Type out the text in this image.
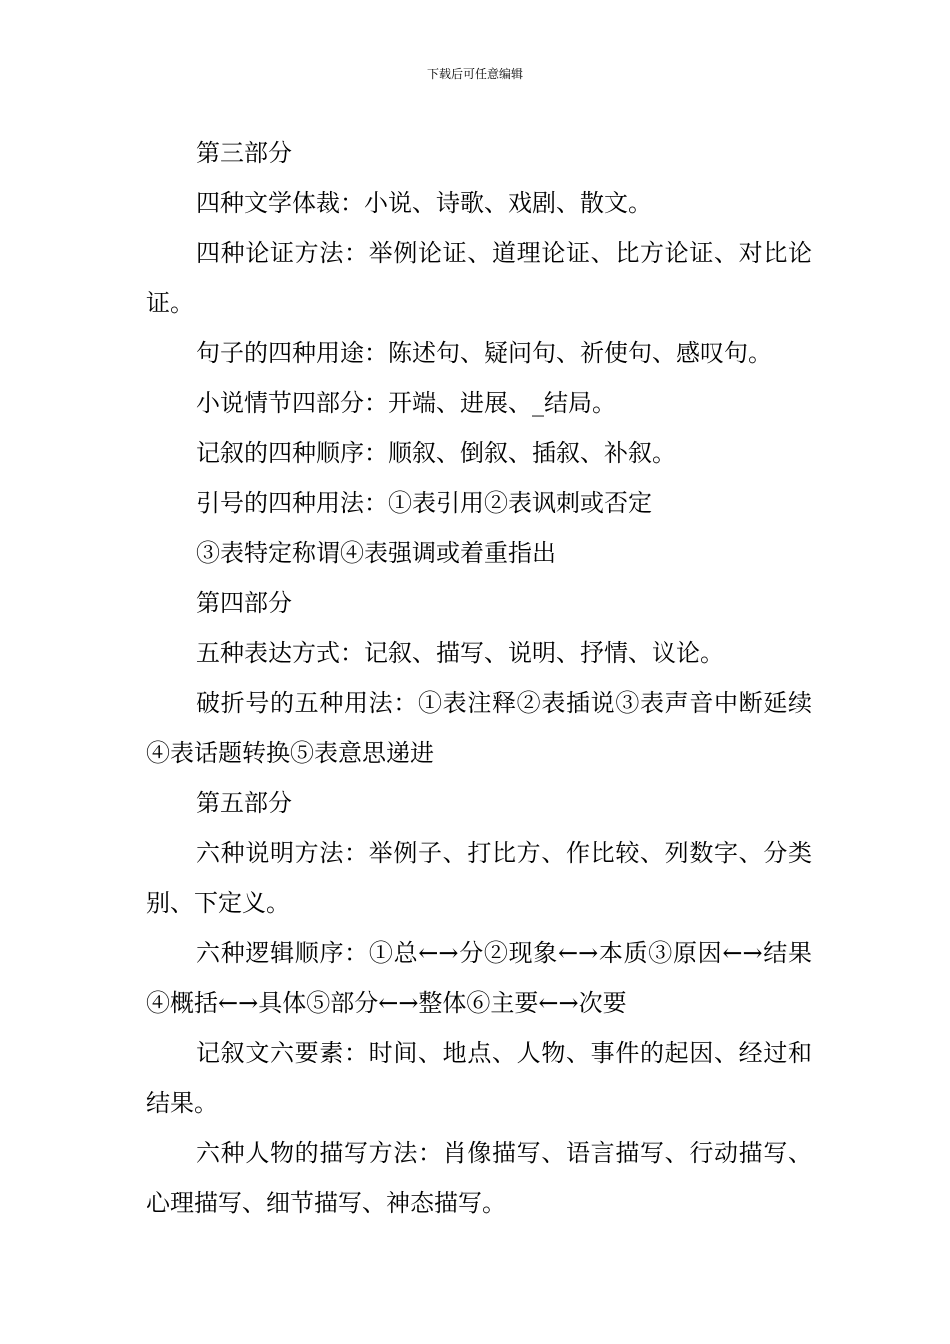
下载后可任意编辑

第三部分

四种文学体裁：小说、诗歌、戏剧、散文。

四种论证方法：举例论证、道理论证、比方论证、对比论证。

句子的四种用途：陈述句、疑问句、祈使句、感叹句。

小说情节四部分：开端、进展、_结局。

记叙的四种顺序：顺叙、倒叙、插叙、补叙。

引号的四种用法：①表引用②表讽刺或否定

③表特定称谓④表强调或着重指出

第四部分

五种表达方式：记叙、描写、说明、抒情、议论。

破折号的五种用法：①表注释②表插说③表声音中断延续④表话题转换⑤表意思递进

第五部分

六种说明方法：举例子、打比方、作比较、列数字、分类别、下定义。

六种逻辑顺序：①总←→分②现象←→本质③原因←→结果④概括←→具体⑤部分←→整体⑥主要←→次要

记叙文六要素：时间、地点、人物、事件的起因、经过和结果。

六种人物的描写方法：肖像描写、语言描写、行动描写、心理描写、细节描写、神态描写。
